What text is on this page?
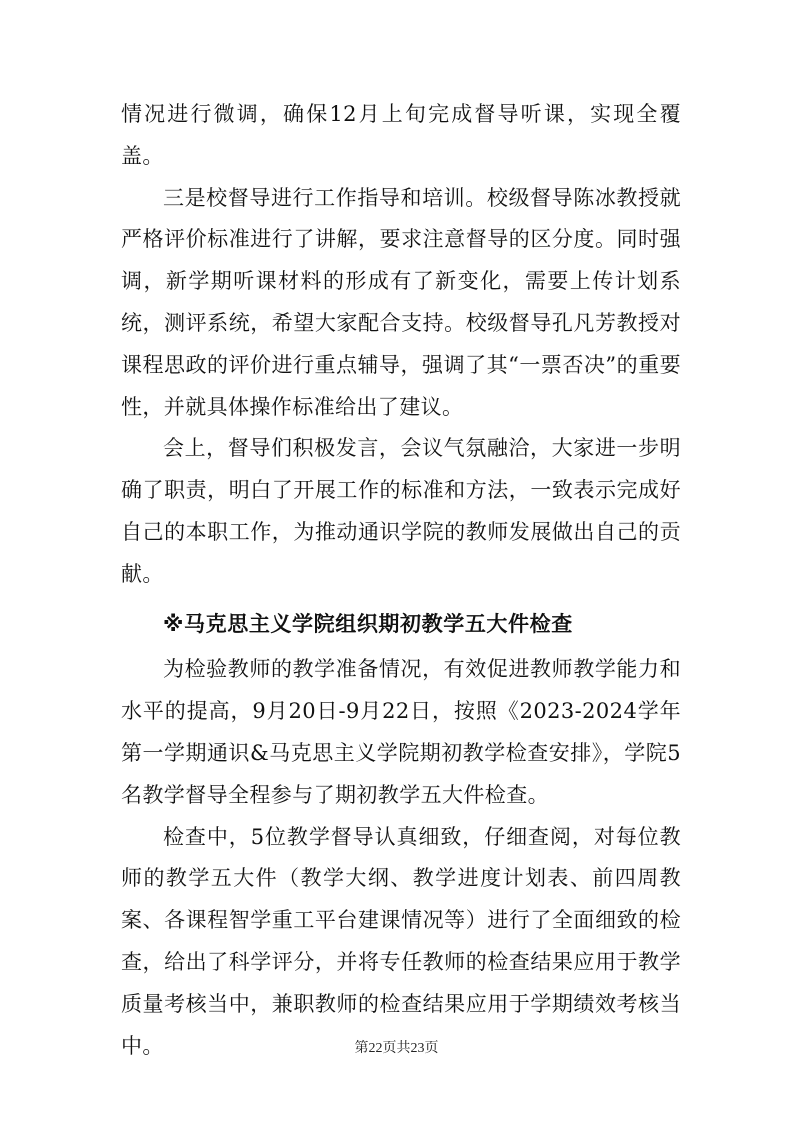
情况进行微调，确保12月上旬完成督导听课，实现全覆盖。

三是校督导进行工作指导和培训。校级督导陈冰教授就严格评价标准进行了讲解，要求注意督导的区分度。同时强调，新学期听课材料的形成有了新变化，需要上传计划系统，测评系统，希望大家配合支持。校级督导孔凡芳教授对课程思政的评价进行重点辅导，强调了其“一票否决”的重要性，并就具体操作标准给出了建议。

会上，督导们积极发言，会议气氛融洽，大家进一步明确了职责，明白了开展工作的标准和方法，一致表示完成好自己的本职工作，为推动通识学院的教师发展做出自己的贡献。

※马克思主义学院组织期初教学五大件检查

为检验教师的教学准备情况，有效促进教师教学能力和水平的提高，9月20日-9月22日，按照《2023-2024学年第一学期通识&马克思主义学院期初教学检查安排》，学院5名教学督导全程参与了期初教学五大件检查。

检查中，5位教学督导认真细致，仔细查阅，对每位教师的教学五大件（教学大纲、教学进度计划表、前四周教案、各课程智学重工平台建课情况等）进行了全面细致的检查，给出了科学评分，并将专任教师的检查结果应用于教学质量考核当中，兼职教师的检查结果应用于学期绩效考核当中。	第22页共23页
